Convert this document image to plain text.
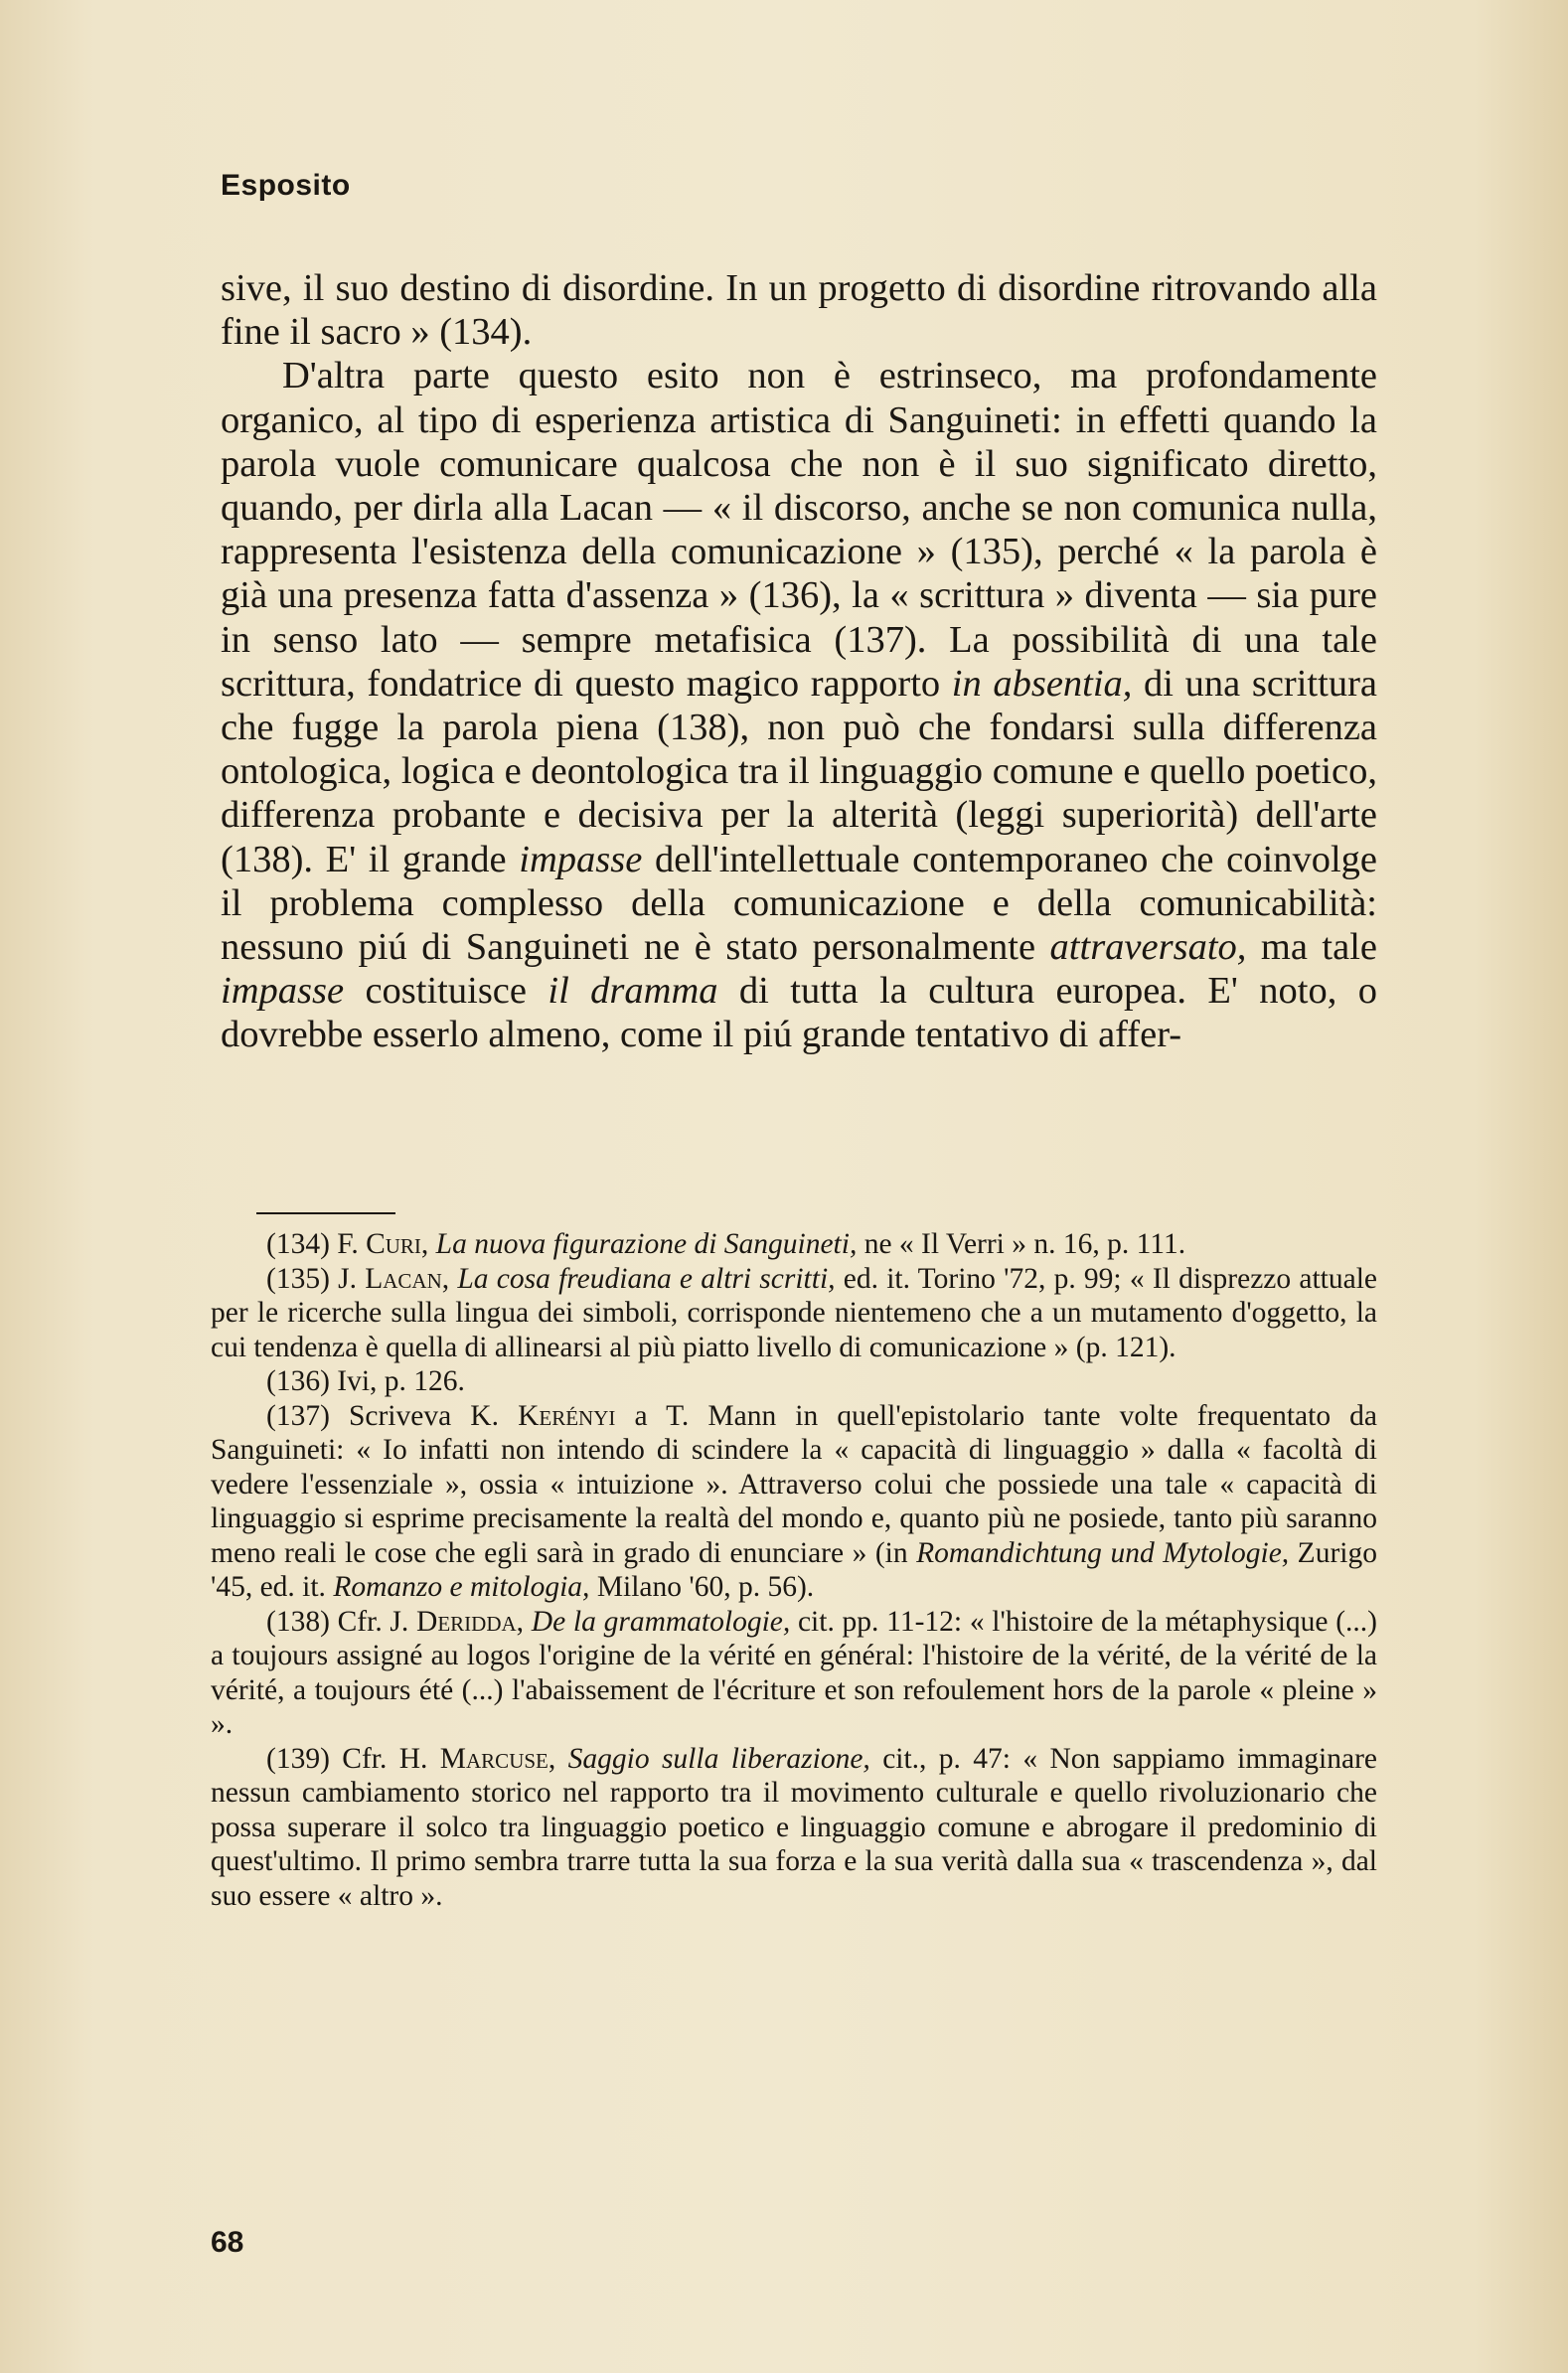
Esposito

sive, il suo destino di disordine. In un progetto di disordine ritrovando alla fine il sacro » (134).

D'altra parte questo esito non è estrinseco, ma profondamente organico, al tipo di esperienza artistica di Sanguineti: in effetti quando la parola vuole comunicare qualcosa che non è il suo significato diretto, quando, per dirla alla Lacan — « il discorso, anche se non comunica nulla, rappresenta l'esistenza della comunicazione » (135), perché « la parola è già una presenza fatta d'assenza » (136), la « scrittura » diventa — sia pure in senso lato — sempre metafisica (137). La possibilità di una tale scrittura, fondatrice di questo magico rapporto in absentia, di una scrittura che fugge la parola piena (138), non può che fondarsi sulla differenza ontologica, logica e deontologica tra il linguaggio comune e quello poetico, differenza probante e decisiva per la alterità (leggi superiorità) dell'arte (138). E' il grande impasse dell'intellettuale contemporaneo che coinvolge il problema complesso della comunicazione e della comunicabilità: nessuno piú di Sanguineti ne è stato personalmente attraversato, ma tale impasse costituisce il dramma di tutta la cultura europea. E' noto, o dovrebbe esserlo almeno, come il piú grande tentativo di affer-

(134) F. Curi, La nuova figurazione di Sanguineti, ne « Il Verri » n. 16, p. 111.

(135) J. Lacan, La cosa freudiana e altri scritti, ed. it. Torino '72, p. 99; « Il disprezzo attuale per le ricerche sulla lingua dei simboli, corrisponde nientemeno che a un mutamento d'oggetto, la cui tendenza è quella di allinearsi al più piatto livello di comunicazione » (p. 121).

(136) Ivi, p. 126.

(137) Scriveva K. Kerényi a T. Mann in quell'epistolario tante volte frequentato da Sanguineti: « Io infatti non intendo di scindere la « capacità di linguaggio » dalla « facoltà di vedere l'essenziale », ossia « intuizione ». Attraverso colui che possiede una tale « capacità di linguaggio si esprime precisamente la realtà del mondo e, quanto più ne posiede, tanto più saranno meno reali le cose che egli sarà in grado di enunciare » (in Romandichtung und Mytologie, Zurigo '45, ed. it. Romanzo e mitologia, Milano '60, p. 56).

(138) Cfr. J. Deridda, De la grammatologie, cit. pp. 11-12: « l'histoire de la métaphysique (...) a toujours assigné au logos l'origine de la vérité en général: l'histoire de la vérité, de la vérité de la vérité, a toujours été (...) l'abaissement de l'écriture et son refoulement hors de la parole « pleine » ».

(139) Cfr. H. Marcuse, Saggio sulla liberazione, cit., p. 47: « Non sappiamo immaginare nessun cambiamento storico nel rapporto tra il movimento culturale e quello rivoluzionario che possa superare il solco tra linguaggio poetico e linguaggio comune e abrogare il predominio di quest'ultimo. Il primo sembra trarre tutta la sua forza e la sua verità dalla sua « trascendenza », dal suo essere « altro ».

68
